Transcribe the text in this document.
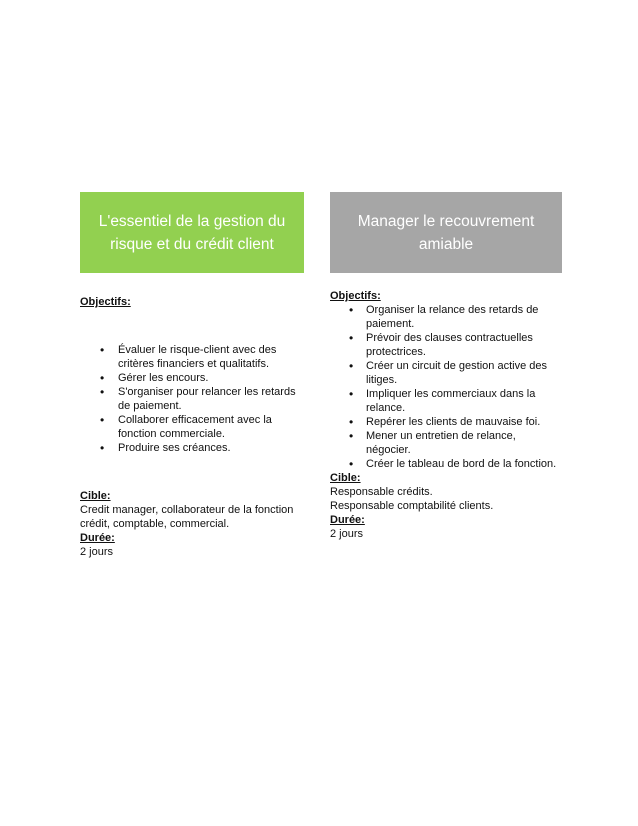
L'essentiel de la gestion du risque et du crédit client
Objectifs:
• Évaluer le risque-client avec des critères financiers et qualitatifs.
• Gérer les encours.
• S'organiser pour relancer les retards de paiement.
• Collaborer efficacement avec la fonction commerciale.
• Produire ses créances.
Cible:
Credit manager, collaborateur de la fonction crédit, comptable, commercial.
Durée:
2 jours
Manager le recouvrement amiable
Objectifs:
• Organiser la relance des retards de paiement.
• Prévoir des clauses contractuelles protectrices.
• Créer un circuit de gestion active des litiges.
• Impliquer les commerciaux dans la relance.
• Repérer les clients de mauvaise foi.
• Mener un entretien de relance, négocier.
• Créer le tableau de bord de la fonction.
Cible:
Responsable crédits.
Responsable comptabilité clients.
Durée:
2 jours
